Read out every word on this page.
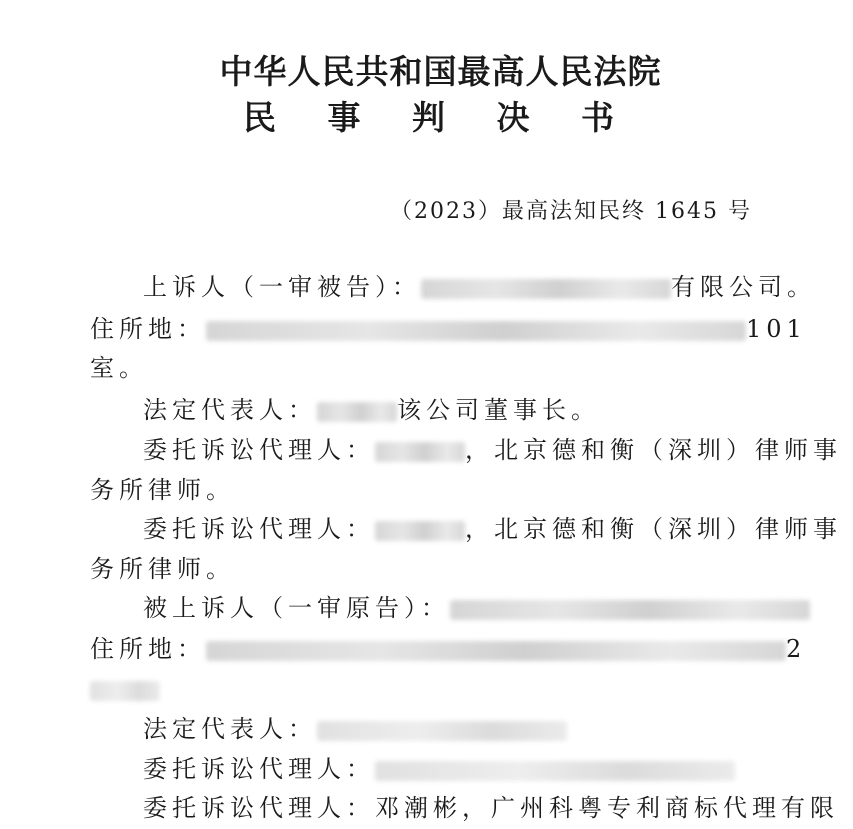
中华人民共和国最高人民法院
民 事 判 决 书
（2023）最高法知民终 1645 号
上诉人（一审被告）：	有限公司。
住所地：	101
室。
法定代表人：	该公司董事长。
委托诉讼代理人：	，北京德和衡（深圳）律师事
务所律师。
委托诉讼代理人：	，北京德和衡（深圳）律师事
务所律师。
被上诉人（一审原告）：
住所地：	2
法定代表人：
委托诉讼代理人：
委托诉讼代理人：邓潮彬，广州科粤专利商标代理有限
